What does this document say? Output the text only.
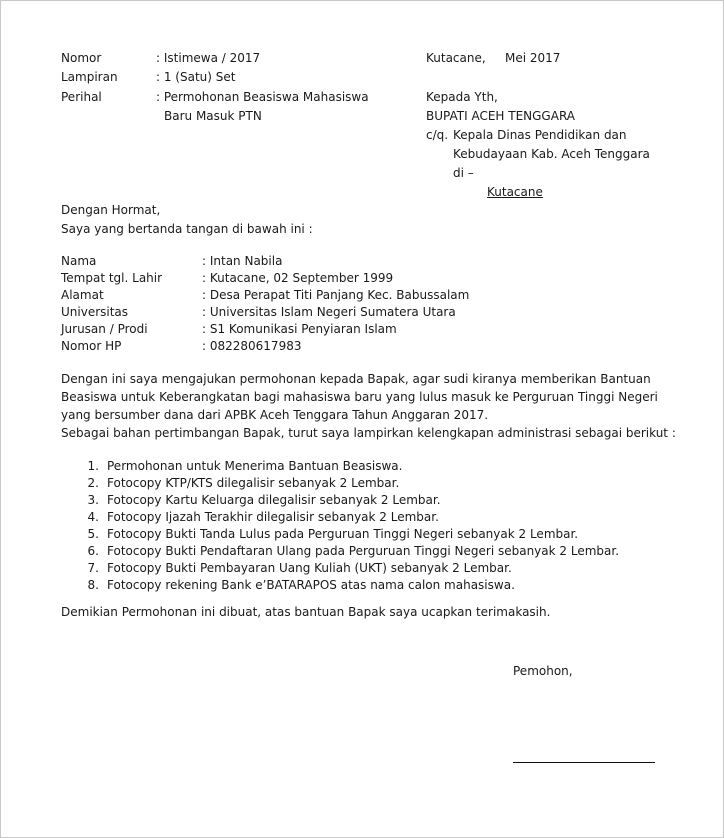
Nomor	: Istimewa / 2017
Lampiran	: 1 (Satu) Set
Perihal	: Permohonan Beasiswa Mahasiswa
Baru Masuk PTN
Kutacane, Mei 2017
Kepada Yth,
BUPATI ACEH TENGGARA
c/q. Kepala Dinas Pendidikan dan
Kebudayaan Kab. Aceh Tenggara
di –
Kutacane
Dengan Hormat,
Saya yang bertanda tangan di bawah ini :
Nama	: Intan Nabila
Tempat tgl. Lahir	: Kutacane, 02 September 1999
Alamat	: Desa Perapat Titi Panjang Kec. Babussalam
Universitas	: Universitas Islam Negeri Sumatera Utara
Jurusan / Prodi	: S1 Komunikasi Penyiaran Islam
Nomor HP	: 082280617983

Dengan ini saya mengajukan permohonan kepada Bapak, agar sudi kiranya memberikan Bantuan

Beasiswa untuk Keberangkatan bagi mahasiswa baru yang lulus masuk ke Perguruan Tinggi Negeri

yang bersumber dana dari APBK Aceh Tenggara Tahun Anggaran 2017.

Sebagai bahan pertimbangan Bapak, turut saya lampirkan kelengkapan administrasi sebagai berikut :

1. Permohonan untuk Menerima Bantuan Beasiswa.
2. Fotocopy KTP/KTS dilegalisir sebanyak 2 Lembar.
3. Fotocopy Kartu Keluarga dilegalisir sebanyak 2 Lembar.
4. Fotocopy Ijazah Terakhir dilegalisir sebanyak 2 Lembar.
5. Fotocopy Bukti Tanda Lulus pada Perguruan Tinggi Negeri sebanyak 2 Lembar.
6. Fotocopy Bukti Pendaftaran Ulang pada Perguruan Tinggi Negeri sebanyak 2 Lembar.
7. Fotocopy Bukti Pembayaran Uang Kuliah (UKT) sebanyak 2 Lembar.
8. Fotocopy rekening Bank e’BATARAPOS atas nama calon mahasiswa.
Demikian Permohonan ini dibuat, atas bantuan Bapak saya ucapkan terimakasih.
Pemohon,
